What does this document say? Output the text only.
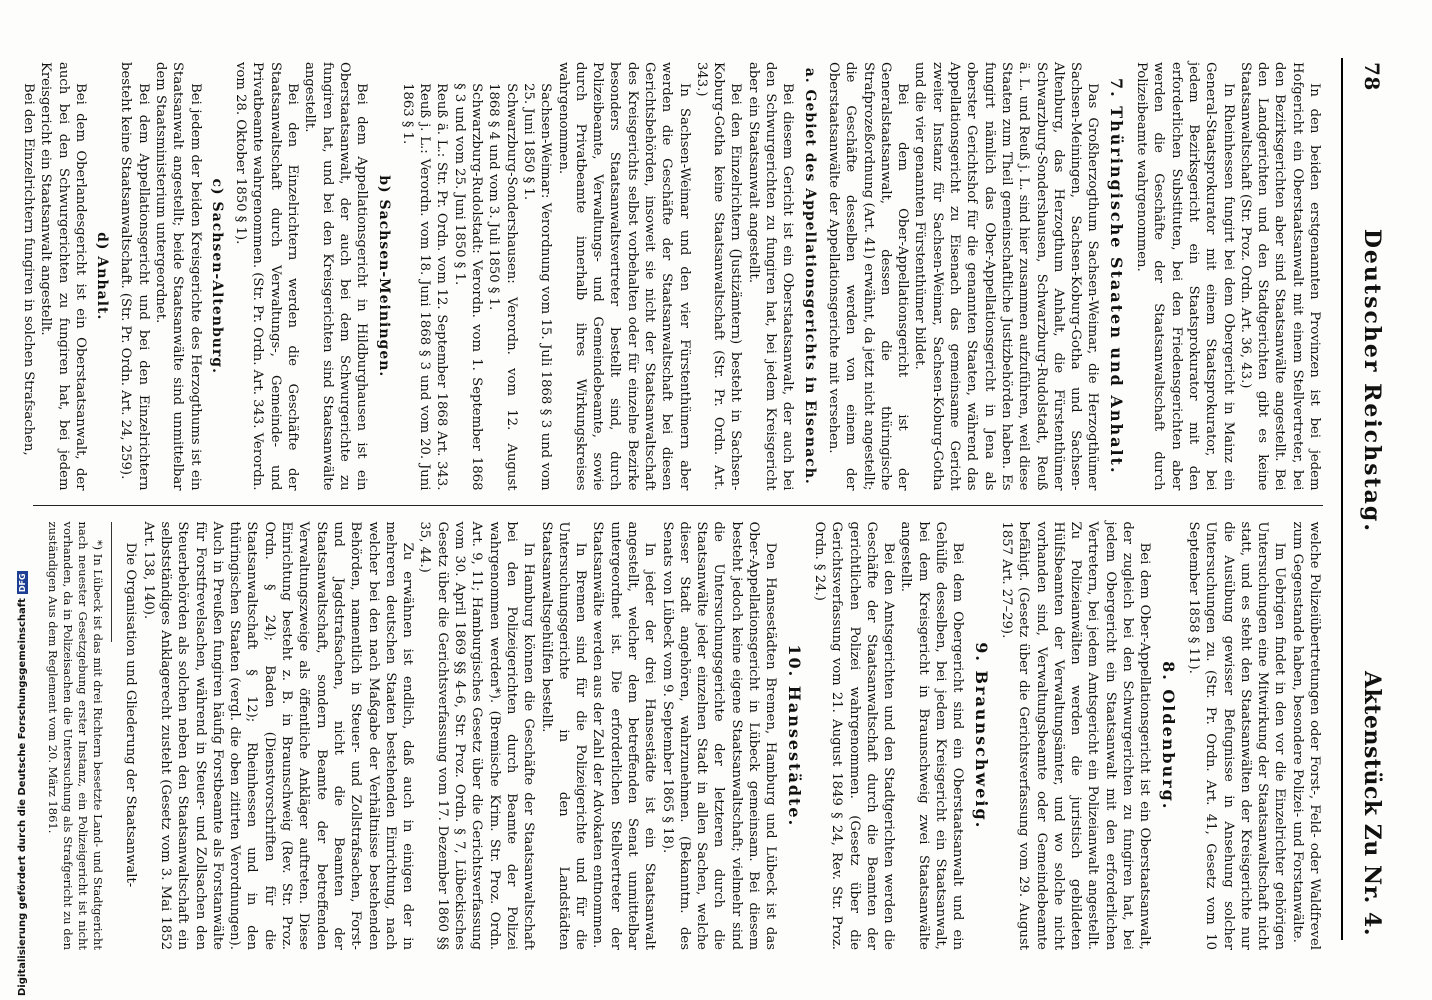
78
Deutscher Reichstag.
Aktenstück Zu Nr. 4.

In den beiden erstgenannten Provinzen ist bei jedem Hofgericht ein Oberstaatsanwalt mit einem Stellvertreter, bei den Bezirksgerichten aber sind Staatsanwälte angestellt. Bei den Landgerichten und den Stadtgerichten gibt es keine Staatsanwaltschaft (Str. Proz. Ordn. Art. 36, 43.)

In Rheinhessen fungirt bei dem Obergericht in Mainz ein General-Staatsprokurator mit einem Staatsprokurator, bei jedem Bezirksgericht ein Staatsprokurator mit den erforderlichen Substituten, bei den Friedensgerichten aber werden die Geschäfte der Staatsanwaltschaft durch Polizeibeamte wahrgenommen.

7. Thüringische Staaten und Anhalt.

Das Großherzogthum Sachsen-Weimar, die Herzogthümer Sachsen-Meiningen, Sachsen-Koburg-Gotha und Sachsen-Altenburg, das Herzogthum Anhalt, die Fürstenthümer Schwarzburg-Sondershausen, Schwarzburg-Rudolstadt, Reuß ä. L. und Reuß j. L. sind hier zusammen aufzuführen, weil diese Staaten zum Theil gemeinschaftliche Justizbehörden haben. Es fungirt nämlich das Ober-Appellationsgericht in Jena als oberster Gerichtshof für die genannten Staaten, während das Appellationsgericht zu Eisenach das gemeinsame Gericht zweiter Instanz für Sachsen-Weimar, Sachsen-Koburg-Gotha und die vier genannten Fürstenthümer bildet.

Bei dem Ober-Appellationsgericht ist der Generalstaatsanwalt, dessen die thüringische Strafprozeßordnung (Art. 41) erwähnt, da jetzt nicht angestellt; die Geschäfte desselben werden von einem der Oberstaatsanwälte der Appellationsgerichte mit versehen.

a. Gebiet des Appellationsgerichts in Eisenach.

Bei diesem Gericht ist ein Oberstaatsanwalt, der auch bei den Schwurgerichten zu fungiren hat, bei jedem Kreisgericht aber ein Staatsanwalt angestellt.

Bei den Einzelrichtern (Justizämtern) besteht in Sachsen-Koburg-Gotha keine Staatsanwaltschaft (Str. Pr. Ordn. Art. 343.)

In Sachsen-Weimar und den vier Fürstenthümern aber werden die Geschäfte der Staatsanwaltschaft bei diesen Gerichtsbehörden, insoweit sie nicht der Staatsanwaltschaft des Kreisgerichts selbst vorbehalten oder für einzelne Bezirke besonders Staatsanwaltsvertreter bestellt sind, durch Polizeibeamte, Verwaltungs- und Gemeindebeamte, sowie durch Privatbeamte innerhalb ihres Wirkungskreises wahrgenommen.

Sachsen-Weimar: Verordnung vom 15. Juli 1868 § 3 und vom 25. Juni 1850 § 1.

Schwarzburg-Sondershausen: Verordn. vom 12. August 1868 § 4 und vom 3. Juli 1850 § 1.

Schwarzburg-Rudolstadt: Verordn. vom 1. September 1868 § 3 und vom 25. Juni 1850 § 1.

Reuß ä. L.: Str. Pr. Ordn. vom 12. September 1868 Art. 343. Reuß j. L.: Verordn. vom 18. Juni 1868 § 3 und vom 20. Juni 1863 § 1.

b) Sachsen-Meiningen.

Bei dem Appellationsgericht in Hildburghausen ist ein Oberstaatsanwalt, der auch bei dem Schwurgerichte zu fungiren hat, und bei den Kreisgerichten sind Staatsanwälte angestellt.

Bei den Einzelrichtern werden die Geschäfte der Staatsanwaltschaft durch Verwaltungs-, Gemeinde- und Privatbeamte wahrgenommen. (Str. Pr. Ordn. Art. 343. Verordn. vom 28. Oktober 1850 § 1).

c) Sachsen-Altenburg.

Bei jedem der beiden Kreisgerichte des Herzogthums ist ein Staatsanwalt angestellt; beide Staatsanwälte sind unmittelbar dem Staatsministerium untergeordnet.

Bei dem Appellationsgericht und bei den Einzelrichtern besteht keine Staatsanwaltschaft. (Str. Pr. Ordn. Art. 24, 259).

d) Anhalt.

Bei dem Oberlandesgericht ist ein Oberstaatsanwalt, der auch bei den Schwurgerichten zu fungiren hat, bei jedem Kreisgericht ein Staatsanwalt angestellt.

Bei den Einzelrichtern fungiren in solchen Strafsachen,

welche Polizeiübertretungen oder Forst-, Feld- oder Waldfrevel zum Gegenstande haben, besondere Polizei- und Forstanwälte.

Im Uebrigen findet in den vor die Einzelrichter gehörigen Untersuchungen eine Mitwirkung der Staatsanwaltschaft nicht statt, und es steht den Staatsanwälten der Kreisgerichte nur die Ausübung gewisser Befugnisse in Ansehung solcher Untersuchungen zu. (Str. Pr. Ordn. Art. 41, Gesetz vom 10 September 1858 § 11).

8. Oldenburg.

Bei dem Ober-Appellationsgericht ist ein Oberstaatsanwalt, der zugleich bei den Schwurgerichten zu fungiren hat, bei jedem Obergericht ein Staatsanwalt mit den erforderlichen Vertretern, bei jedem Amtsgericht ein Polizeianwalt angestellt. Zu Polizeianwälten werden die juristisch gebildeten Hülfsbeamten der Verwaltungsämter, und wo solche nicht vorhanden sind, Verwaltungsbeamte oder Gemeindebeamte befähigt. (Gesetz über die Gerichtsverfassung vom 29. August 1857 Art. 27–29).

9. Braunschweig.

Bei dem Obergericht sind ein Oberstaatsanwalt und ein Gehülfe desselben, bei jedem Kreisgericht ein Staatsanwalt, bei dem Kreisgericht in Braunschweig zwei Staatsanwälte angestellt.

Bei den Amtsgerichten und den Stadtgerichten werden die Geschäfte der Staatsanwaltschaft durch die Beamten der gerichtlichen Polizei wahrgenommen. (Gesetz über die Gerichtsverfassung vom 21. August 1849 § 24, Rev. Str. Proz. Ordn. § 24.)

10. Hansestädte.

Den Hansestädten Bremen, Hamburg und Lübeck ist das Ober-Appellationsgericht in Lübeck gemeinsam. Bei diesem besteht jedoch keine eigene Staatsanwaltschaft; vielmehr sind die Untersuchungsgerichte der letzteren durch die Staatsanwälte jeder einzelnen Stadt in allen Sachen, welche dieser Stadt angehören, wahrzunehmen. (Bekanntm. des Senats von Lübeck vom 9. September 1865 § 18).

In jeder der drei Hansestädte ist ein Staatsanwalt angestellt, welcher dem betreffenden Senat unmittelbar untergeordnet ist. Die erforderlichen Stellvertreter der Staatsanwälte werden aus der Zahl der Advokaten entnommen.

In Bremen sind für die Polizeigerichte und für die Untersuchungsgerichte in den Landstädten Staatsanwaltsgehülfen bestellt.

In Hamburg können die Geschäfte der Staatsanwaltschaft bei den Polizeigerichten durch Beamte der Polizei wahrgenommen werden*). (Bremische Krim. Str. Proz. Ordn. Art. 9, 11; Hamburgisches Gesetz über die Gerichtsverfassung vom 30. April 1869 §§ 4–6, Str. Proz. Ordn. § 7, Lübeckisches Gesetz über die Gerichtsverfassung vom 17. Dezember 1860 §§ 35, 44.)

Zu erwähnen ist endlich, daß auch in einigen der in mehreren deutschen Staaten bestehenden Einrichtung, nach welcher bei den nach Maßgabe der Verhältnisse bestehenden Behörden, namentlich in Steuer- und Zollstrafsachen, Forst- und Jagdstrafsachen, nicht die Beamten der Staatsanwaltschaft, sondern Beamte der betreffenden Verwaltungszweige als öffentliche Ankläger auftreten. Diese Einrichtung besteht z. B. in Braunschweig (Rev. Str. Proz. Ordn. § 24); Baden (Dienstvorschriften für die Staatsanwaltschaft § 12); Rheinhessen und in den thüringischen Staaten (vergl. die oben zitirten Verordnungen). Auch in Preußen fungiren häufig Forstbeamte als Forstanwälte für Forstfrevelsachen, während in Steuer- und Zollsachen den Steuerbehörden als solchen neben den Staatsanwaltschaft ein selbstständiges Anklagerecht zusteht (Gesetz vom 3. Mai 1852 Art. 138, 140).

Die Organisation und Gliederung der Staatsanwalt-

*) In Lübeck ist das mit drei Richtern besetzte Land- und Stadtgericht nach neuester Gesetzgebung erster Instanz, ein Polizeigericht ist nicht vorhanden, da in Polizeisachen die Untersuchung als Strafgericht zu den zuständigen Aus dem Reglement vom 20. März 1861.

Digitalisierung gefördert durch die Deutsche Forschungsgemeinschaft
DFG
